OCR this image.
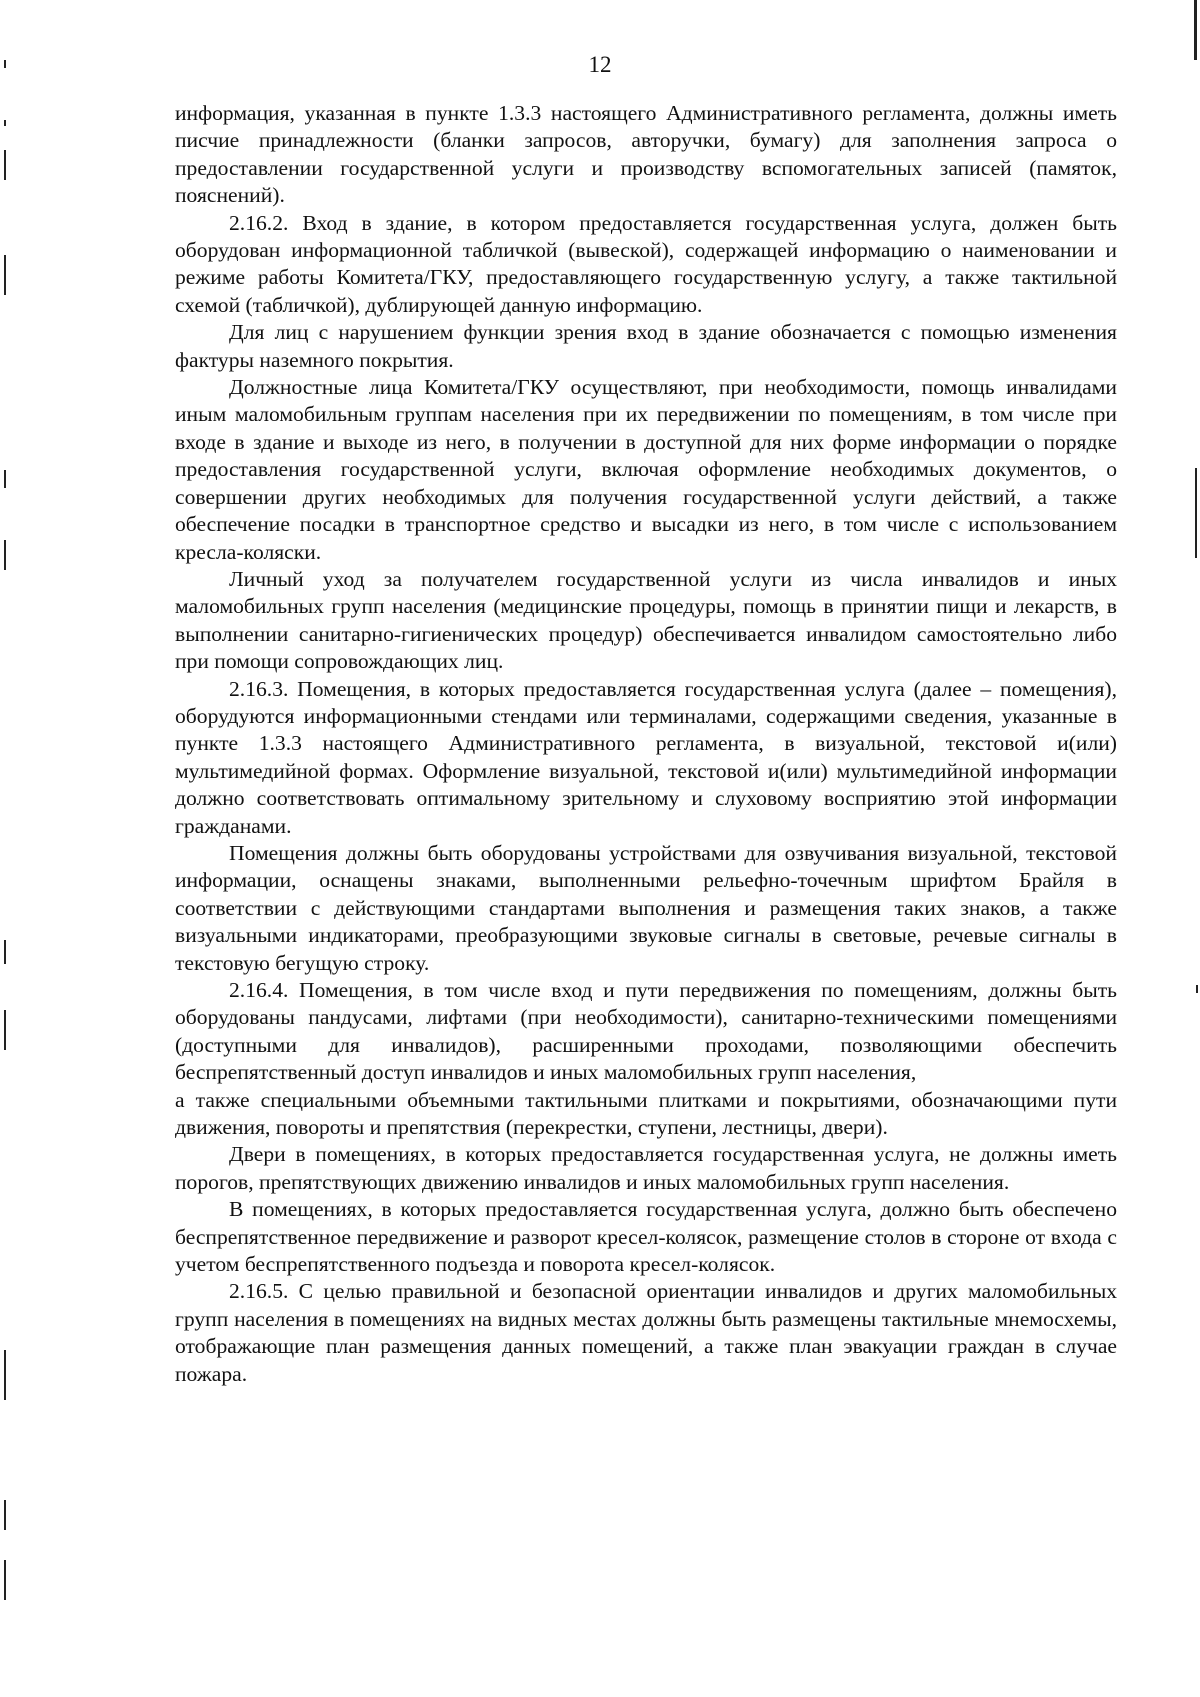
12

информация, указанная в пункте 1.3.3 настоящего Административного регламента, должны иметь писчие принадлежности (бланки запросов, авторучки, бумагу) для заполнения запроса о предоставлении государственной услуги и производству вспомогательных записей (памяток, пояснений).

2.16.2. Вход в здание, в котором предоставляется государственная услуга, должен быть оборудован информационной табличкой (вывеской), содержащей информацию о наименовании и режиме работы Комитета/ГКУ, предоставляющего государственную услугу, а также тактильной схемой (табличкой), дублирующей данную информацию.

Для лиц с нарушением функции зрения вход в здание обозначается с помощью изменения фактуры наземного покрытия.

Должностные лица Комитета/ГКУ осуществляют, при необходимости, помощь инвалидами иным маломобильным группам населения при их передвижении по помещениям, в том числе при входе в здание и выходе из него, в получении в доступной для них форме информации о порядке предоставления государственной услуги, включая оформление необходимых документов, о совершении других необходимых для получения государственной услуги действий, а также обеспечение посадки в транспортное средство и высадки из него, в том числе с использованием кресла-коляски.

Личный уход за получателем государственной услуги из числа инвалидов и иных маломобильных групп населения (медицинские процедуры, помощь в принятии пищи и лекарств, в выполнении санитарно-гигиенических процедур) обеспечивается инвалидом самостоятельно либо при помощи сопровождающих лиц.

2.16.3. Помещения, в которых предоставляется государственная услуга (далее – помещения), оборудуются информационными стендами или терминалами, содержащими сведения, указанные в пункте 1.3.3 настоящего Административного регламента, в визуальной, текстовой и(или) мультимедийной формах. Оформление визуальной, текстовой и(или) мультимедийной информации должно соответствовать оптимальному зрительному и слуховому восприятию этой информации гражданами.

Помещения должны быть оборудованы устройствами для озвучивания визуальной, текстовой информации, оснащены знаками, выполненными рельефно-точечным шрифтом Брайля в соответствии с действующими стандартами выполнения и размещения таких знаков, а также визуальными индикаторами, преобразующими звуковые сигналы в световые, речевые сигналы в текстовую бегущую строку.

2.16.4. Помещения, в том числе вход и пути передвижения по помещениям, должны быть оборудованы пандусами, лифтами (при необходимости), санитарно-техническими помещениями (доступными для инвалидов), расширенными проходами, позволяющими обеспечить беспрепятственный доступ инвалидов и иных маломобильных групп населения,

а также специальными объемными тактильными плитками и покрытиями, обозначающими пути движения, повороты и препятствия (перекрестки, ступени, лестницы, двери).

Двери в помещениях, в которых предоставляется государственная услуга, не должны иметь порогов, препятствующих движению инвалидов и иных маломобильных групп населения.

В помещениях, в которых предоставляется государственная услуга, должно быть обеспечено беспрепятственное передвижение и разворот кресел-колясок, размещение столов в стороне от входа с учетом беспрепятственного подъезда и поворота кресел-колясок.

2.16.5. С целью правильной и безопасной ориентации инвалидов и других маломобильных групп населения в помещениях на видных местах должны быть размещены тактильные мнемосхемы, отображающие план размещения данных помещений, а также план эвакуации граждан в случае пожара.
